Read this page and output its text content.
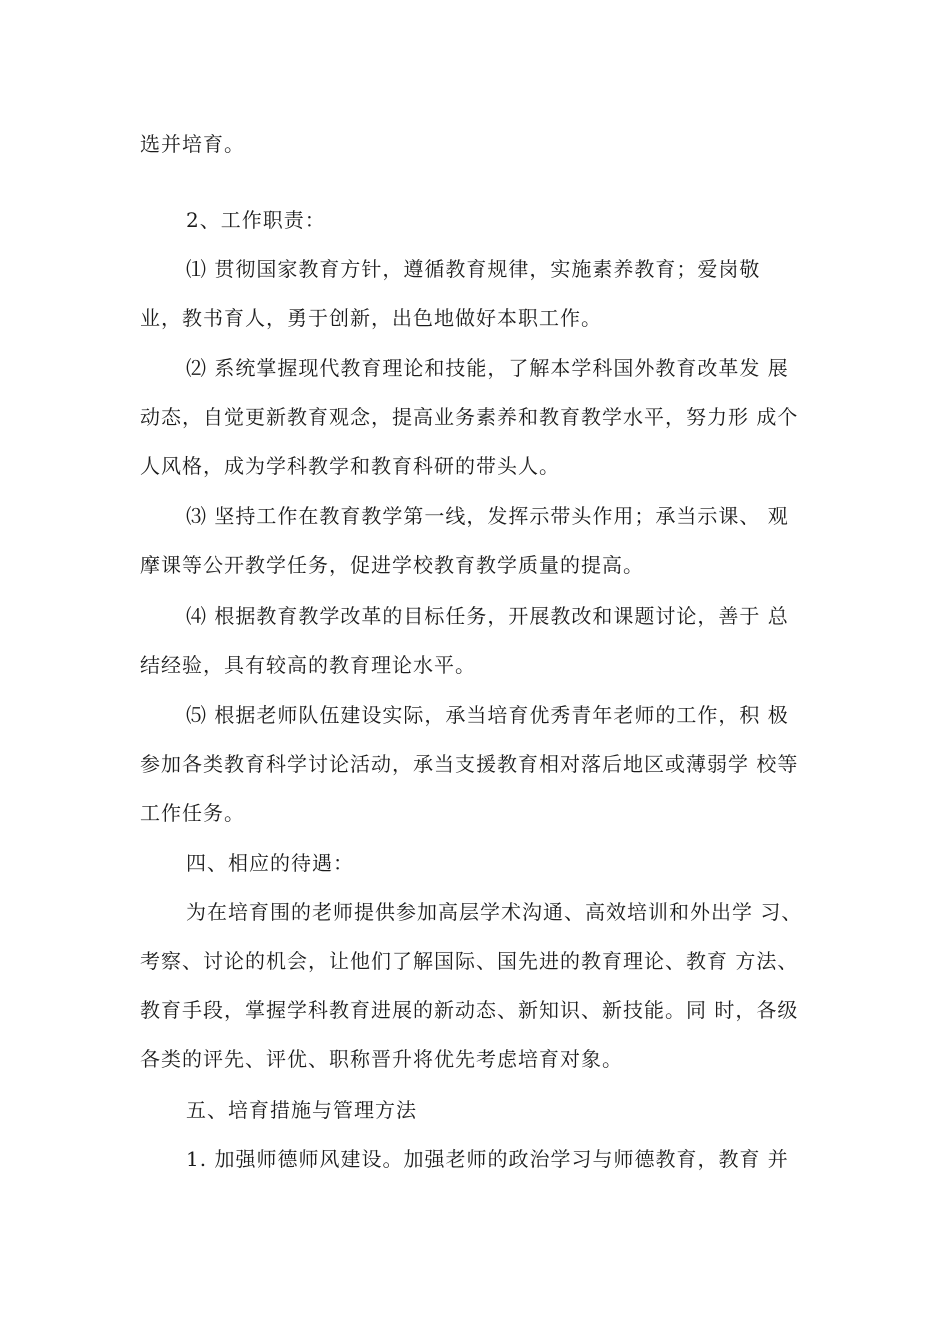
选并培育。

2、工作职责：

⑴ 贯彻国家教育方针，遵循教育规律，实施素养教育；爱岗敬
业，教书育人，勇于创新，出色地做好本职工作。

⑵ 系统掌握现代教育理论和技能，了解本学科国外教育改革发 展
动态，自觉更新教育观念，提高业务素养和教育教学水平，努力形 成个
人风格，成为学科教学和教育科研的带头人。

⑶ 坚持工作在教育教学第一线，发挥示带头作用；承当示课、 观
摩课等公开教学任务，促进学校教育教学质量的提高。

⑷ 根据教育教学改革的目标任务，开展教改和课题讨论，善于 总
结经验，具有较高的教育理论水平。

⑸ 根据老师队伍建设实际，承当培育优秀青年老师的工作，积 极
参加各类教育科学讨论活动，承当支援教育相对落后地区或薄弱学 校等
工作任务。

四、相应的待遇：

为在培育围的老师提供参加高层学术沟通、高效培训和外出学 习、
考察、讨论的机会，让他们了解国际、国先进的教育理论、教育 方法、
教育手段，掌握学科教育进展的新动态、新知识、新技能。同 时，各级
各类的评先、评优、职称晋升将优先考虑培育对象。

五、培育措施与管理方法

1. 加强师德师风建设。加强老师的政治学习与师德教育，教育 并
